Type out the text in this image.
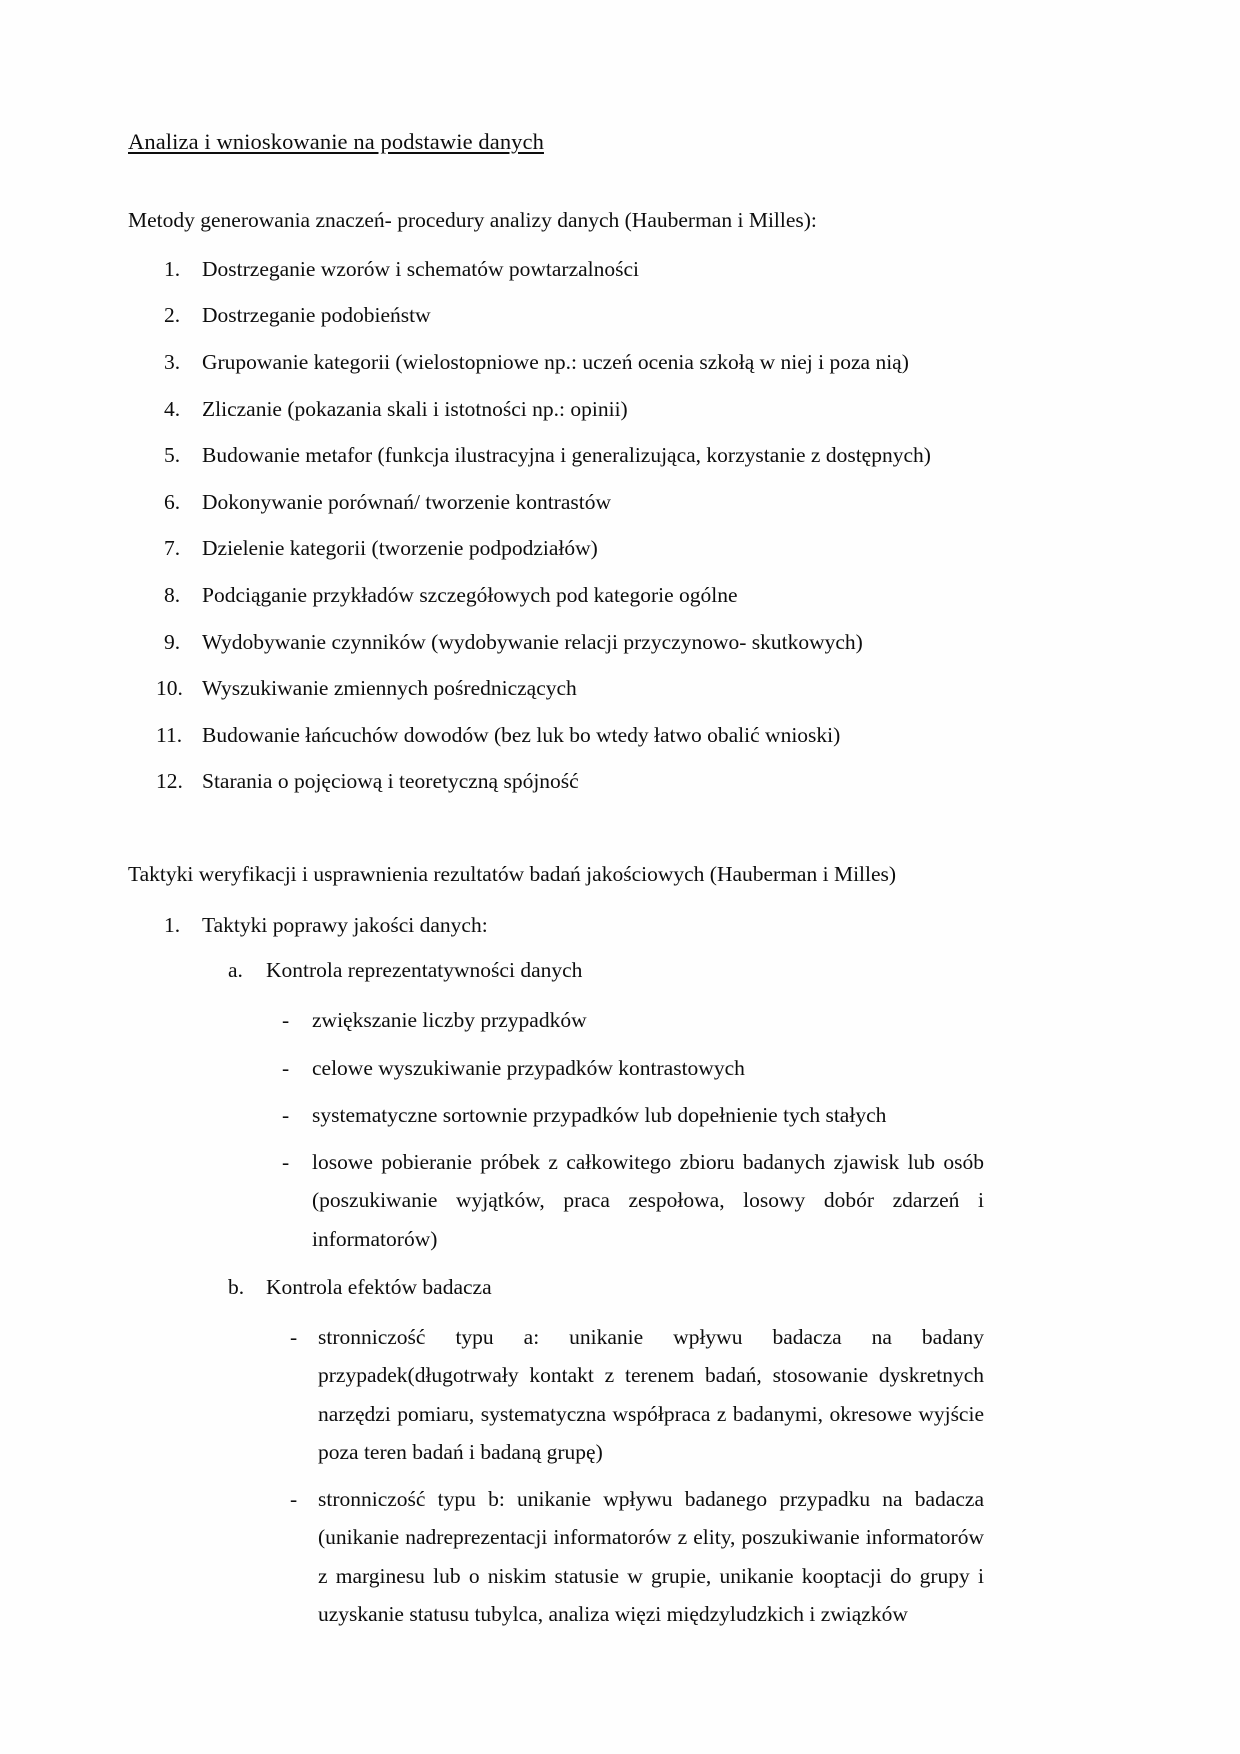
Analiza i wnioskowanie na podstawie danych

Metody generowania znaczeń- procedury analizy danych (Hauberman i Milles):

1.	Dostrzeganie wzorów i schematów powtarzalności
2.	Dostrzeganie podobieństw
3.	Grupowanie kategorii (wielostopniowe np.: uczeń ocenia szkołą w niej i poza nią)
4.	Zliczanie (pokazania skali i istotności np.: opinii)
5.	Budowanie metafor (funkcja ilustracyjna i generalizująca, korzystanie z dostępnych)
6.	Dokonywanie porównań/ tworzenie kontrastów
7.	Dzielenie kategorii (tworzenie podpodziałów)
8.	Podciąganie przykładów szczegółowych pod kategorie ogólne
9.	Wydobywanie czynników (wydobywanie relacji przyczynowo- skutkowych)
10. Wyszukiwanie zmiennych pośredniczących
11. Budowanie łańcuchów dowodów (bez luk bo wtedy łatwo obalić wnioski)
12. Starania o pojęciową i teoretyczną spójność

Taktyki weryfikacji i usprawnienia rezultatów badań jakościowych (Hauberman i Milles)

1.	Taktyki poprawy jakości danych:
a. Kontrola reprezentatywności danych
- zwiększanie liczby przypadków
- celowe wyszukiwanie przypadków kontrastowych
- systematyczne sortownie przypadków lub dopełnienie tych stałych
- losowe pobieranie próbek z całkowitego zbioru badanych zjawisk lub osób (poszukiwanie wyjątków, praca zespołowa, losowy dobór zdarzeń i informatorów)
b. Kontrola efektów badacza
- stronniczość typu a: unikanie wpływu badacza na badany przypadek(długotrwały kontakt z terenem badań, stosowanie dyskretnych narzędzi pomiaru, systematyczna współpraca z badanymi, okresowe wyjście poza teren badań i badaną grupę)
- stronniczość typu b: unikanie wpływu badanego przypadku na badacza (unikanie nadreprezentacji informatorów z elity, poszukiwanie informatorów z marginesu lub o niskim statusie w grupie, unikanie kooptacji do grupy i uzyskanie statusu tubylca, analiza więzi międzyludzkich i związków
